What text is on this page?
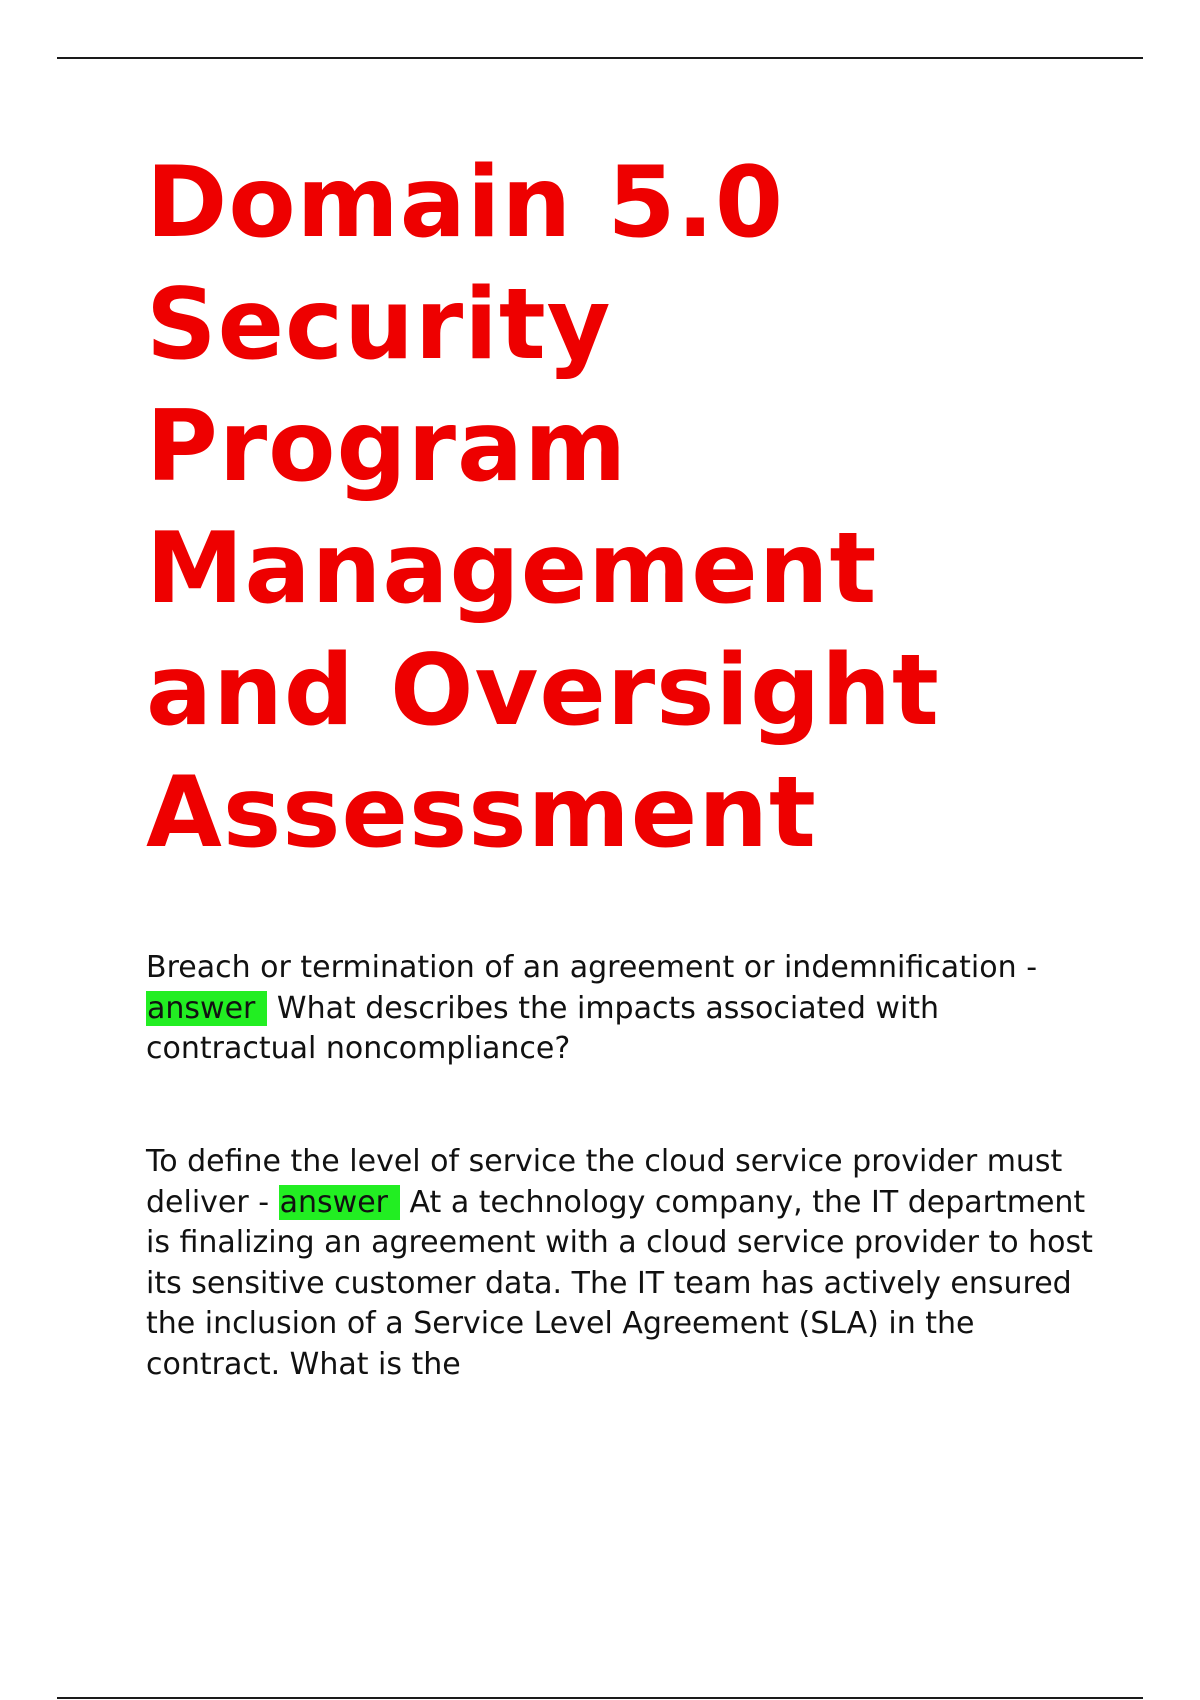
Domain 5.0
Security
Program
Management
and Oversight
Assessment

Breach or termination of an agreement or indemnification - answer What describes the impacts associated with contractual noncompliance?

To define the level of service the cloud service provider must deliver - answer At a technology company, the IT department is finalizing an agreement with a cloud service provider to host its sensitive customer data. The IT team has actively ensured the inclusion of a Service Level Agreement (SLA) in the contract. What is the
